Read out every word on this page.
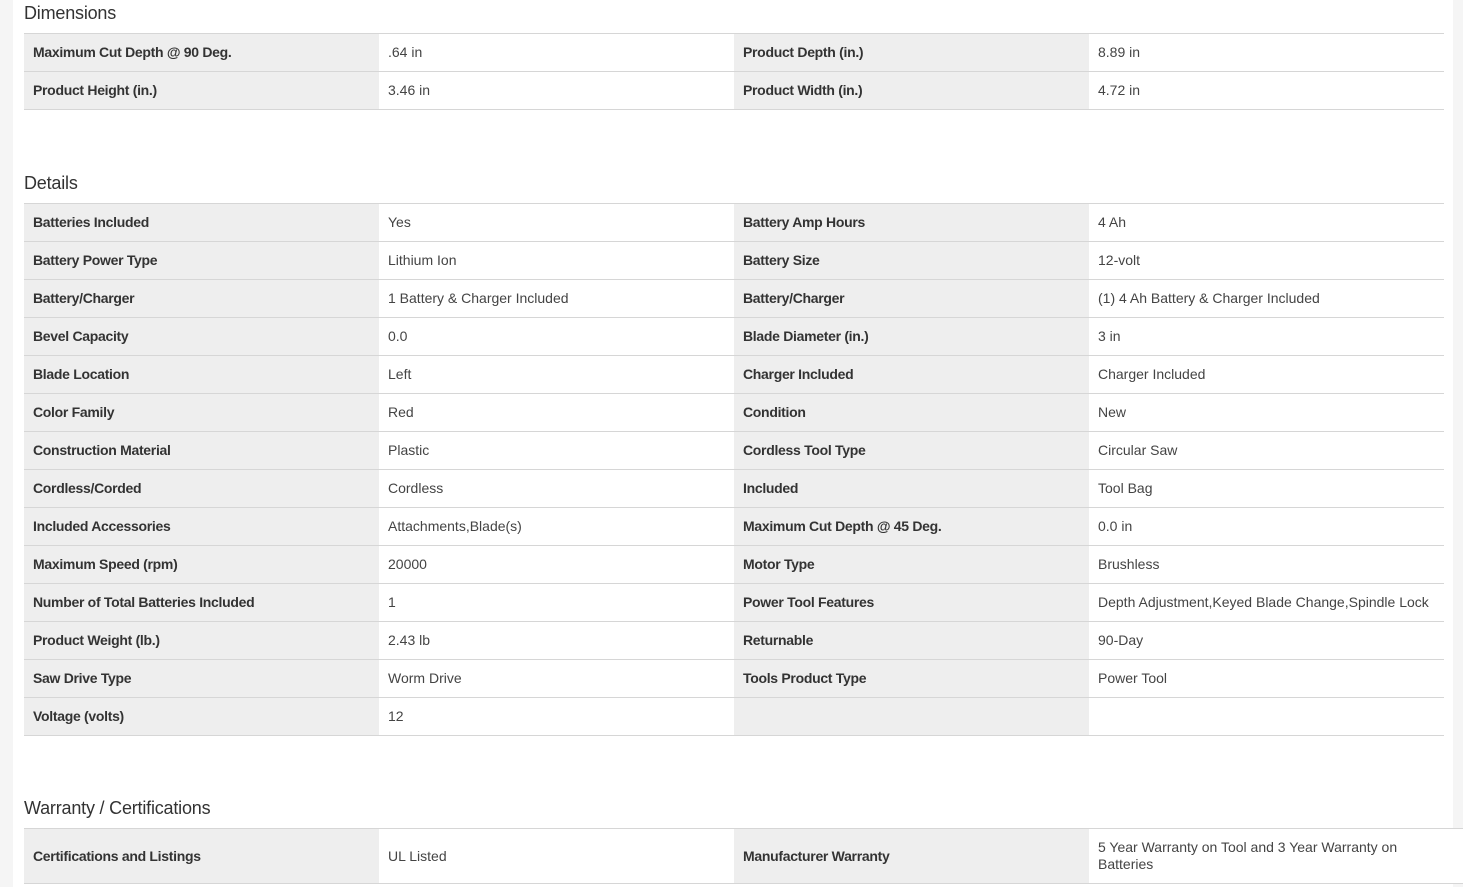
Dimensions
Maximum Cut Depth @ 90 Deg.	.64 in	Product Depth (in.)	8.89 in
Product Height (in.)	3.46 in	Product Width (in.)	4.72 in
Details
Batteries Included	Yes	Battery Amp Hours	4 Ah
Battery Power Type	Lithium Ion	Battery Size	12-volt
Battery/Charger	1 Battery & Charger Included	Battery/Charger	(1) 4 Ah Battery & Charger Included
Bevel Capacity	0.0	Blade Diameter (in.)	3 in
Blade Location	Left	Charger Included	Charger Included
Color Family	Red	Condition	New
Construction Material	Plastic	Cordless Tool Type	Circular Saw
Cordless/Corded	Cordless	Included	Tool Bag
Included Accessories	Attachments,Blade(s)	Maximum Cut Depth @ 45 Deg.	0.0 in
Maximum Speed (rpm)	20000	Motor Type	Brushless
Number of Total Batteries Included	1	Power Tool Features	Depth Adjustment,Keyed Blade Change,Spindle Lock
Product Weight (lb.)	2.43 lb	Returnable	90-Day
Saw Drive Type	Worm Drive	Tools Product Type	Power Tool
Voltage (volts)	12		
Warranty / Certifications
Certifications and Listings	UL Listed	Manufacturer Warranty	5 Year Warranty on Tool and 3 Year Warranty on Batteries
